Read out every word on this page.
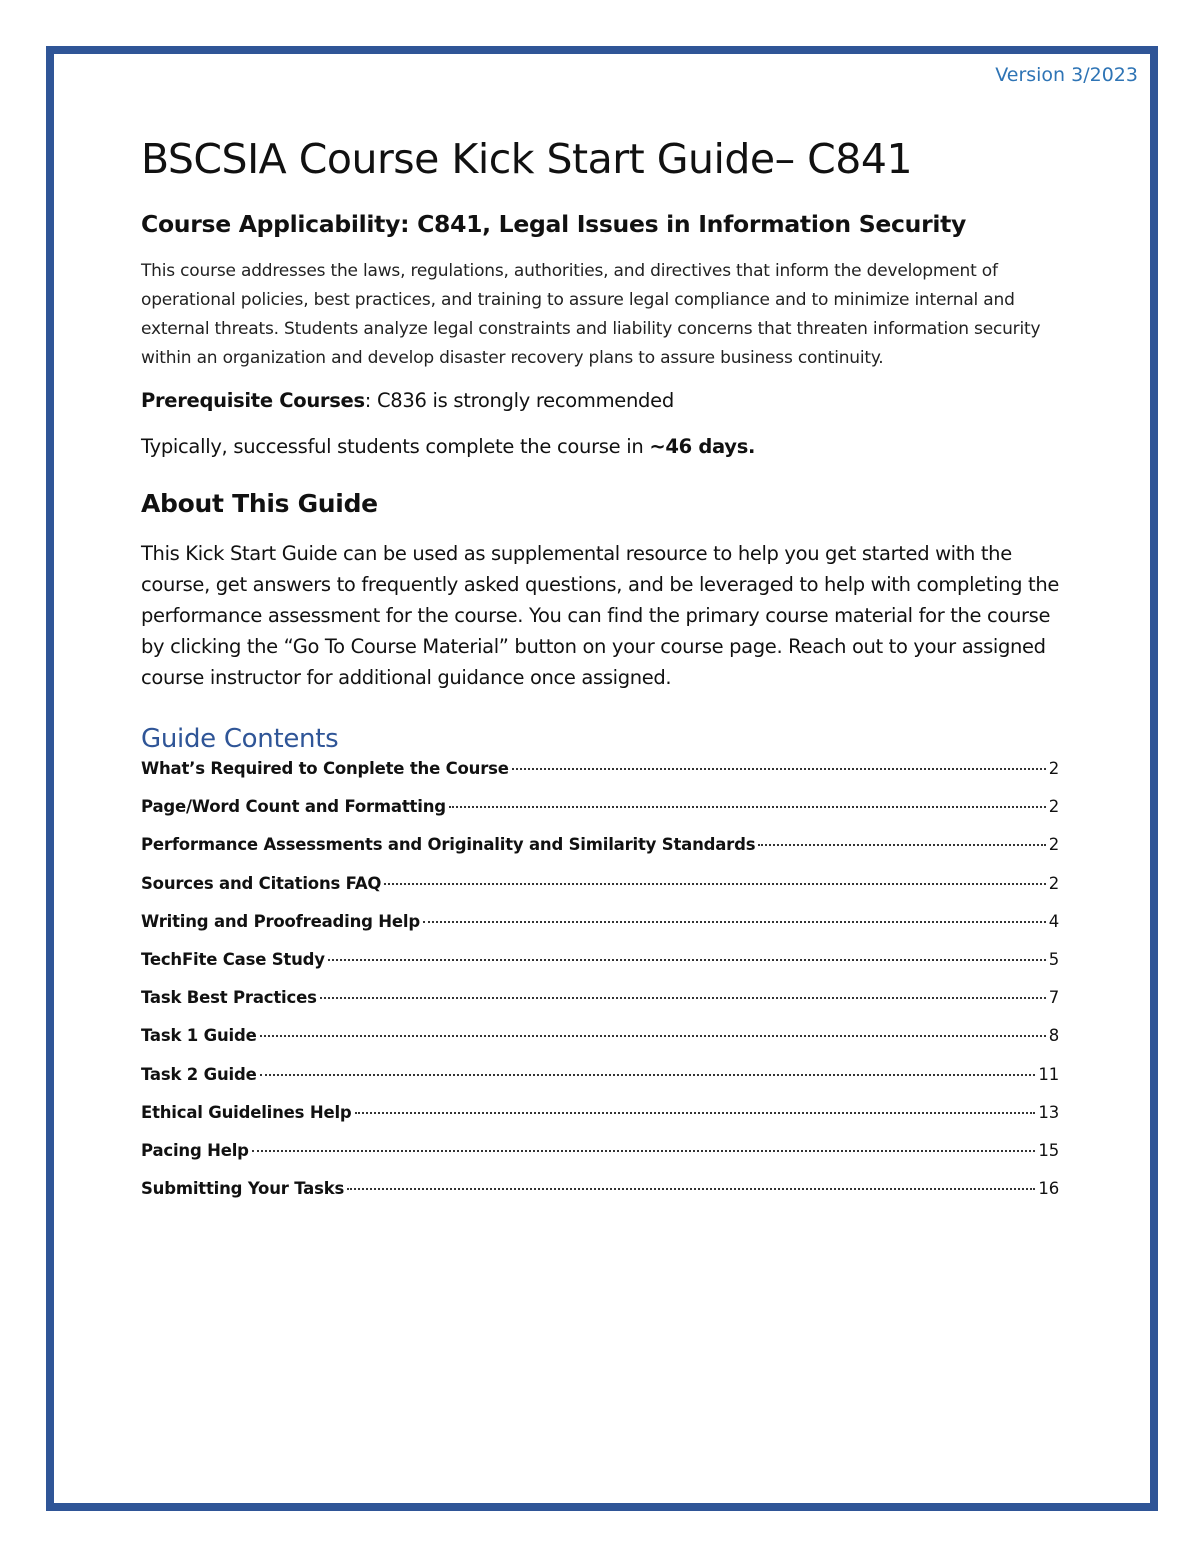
Version 3/2023
BSCSIA Course Kick Start Guide– C841
Course Applicability: C841, Legal Issues in Information Security

This course addresses the laws, regulations, authorities, and directives that inform the development of operational policies, best practices, and training to assure legal compliance and to minimize internal and external threats. Students analyze legal constraints and liability concerns that threaten information security within an organization and develop disaster recovery plans to assure business continuity.

Prerequisite Courses: C836 is strongly recommended

Typically, successful students complete the course in ~46 days.

About This Guide

This Kick Start Guide can be used as supplemental resource to help you get started with the course, get answers to frequently asked questions, and be leveraged to help with completing the performance assessment for the course. You can find the primary course material for the course by clicking the “Go To Course Material” button on your course page. Reach out to your assigned course instructor for additional guidance once assigned.

Guide Contents
What’s Required to Conplete the Course	2
Page/Word Count and Formatting	2
Performance Assessments and Originality and Similarity Standards	2
Sources and Citations FAQ	2
Writing and Proofreading Help	4
TechFite Case Study	5
Task Best Practices	7
Task 1 Guide	8
Task 2 Guide	11
Ethical Guidelines Help	13
Pacing Help	15
Submitting Your Tasks	16
